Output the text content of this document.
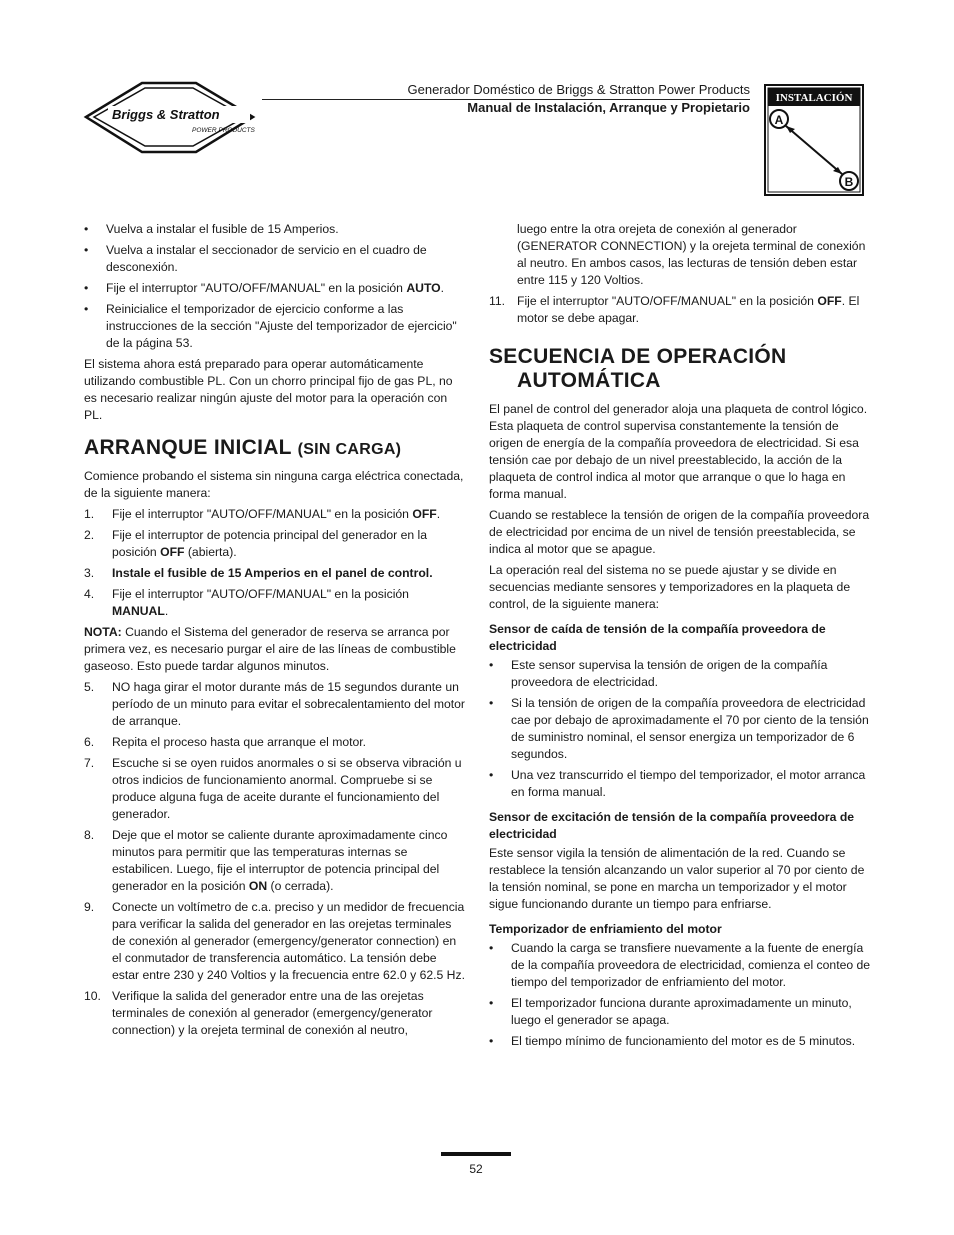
Briggs & Stratton
POWER PRODUCTS
Generador Doméstico de Briggs & Stratton Power Products
Manual de Instalación, Arranque y Propietario
INSTALACIÓN
A
B
• Vuelva a instalar el fusible de 15 Amperios.
• Vuelva a instalar el seccionador de servicio en el cuadro de desconexión.
• Fije el interruptor "AUTO/OFF/MANUAL" en la posición AUTO.
• Reinicialice el temporizador de ejercicio conforme a las instrucciones de la sección "Ajuste del temporizador de ejercicio" de la página 53.

El sistema ahora está preparado para operar automáticamente utilizando combustible PL. Con un chorro principal fijo de gas PL, no es necesario realizar ningún ajuste del motor para la operación con PL.

ARRANQUE INICIAL (SIN CARGA)

Comience probando el sistema sin ninguna carga eléctrica conectada, de la siguiente manera:

1. Fije el interruptor "AUTO/OFF/MANUAL" en la posición OFF.
2. Fije el interruptor de potencia principal del generador en la posición OFF (abierta).
3. Instale el fusible de 15 Amperios en el panel de control.
4. Fije el interruptor "AUTO/OFF/MANUAL" en la posición MANUAL.

NOTA: Cuando el Sistema del generador de reserva se arranca por primera vez, es necesario purgar el aire de las líneas de combustible gaseoso. Esto puede tardar algunos minutos.

5. NO haga girar el motor durante más de 15 segundos durante un período de un minuto para evitar el sobrecalentamiento del motor de arranque.
6. Repita el proceso hasta que arranque el motor.
7. Escuche si se oyen ruidos anormales o si se observa vibración u otros indicios de funcionamiento anormal. Compruebe si se produce alguna fuga de aceite durante el funcionamiento del generador.
8. Deje que el motor se caliente durante aproximadamente cinco minutos para permitir que las temperaturas internas se estabilicen. Luego, fije el interruptor de potencia principal del generador en la posición ON (o cerrada).
9. Conecte un voltímetro de c.a. preciso y un medidor de frecuencia para verificar la salida del generador en las orejetas terminales de conexión al generador (emergency/generator connection) en el conmutador de transferencia automático. La tensión debe estar entre 230 y 240 Voltios y la frecuencia entre 62.0 y 62.5 Hz.
10. Verifique la salida del generador entre una de las orejetas terminales de conexión al generador (emergency/generator connection) y la orejeta terminal de conexión al neutro,

luego entre la otra orejeta de conexión al generador (GENERATOR CONNECTION) y la orejeta terminal de conexión al neutro. En ambos casos, las lecturas de tensión deben estar entre 115 y 120 Voltios.

11. Fije el interruptor "AUTO/OFF/MANUAL" en la posición OFF. El motor se debe apagar.
SECUENCIA DE OPERACIÓN AUTOMÁTICA

El panel de control del generador aloja una plaqueta de control lógico. Esta plaqueta de control supervisa constantemente la tensión de origen de energía de la compañía proveedora de electricidad. Si esa tensión cae por debajo de un nivel preestablecido, la acción de la plaqueta de control indica al motor que arranque o que lo haga en forma manual.

Cuando se restablece la tensión de origen de la compañía proveedora de electricidad por encima de un nivel de tensión preestablecida, se indica al motor que se apague.

La operación real del sistema no se puede ajustar y se divide en secuencias mediante sensores y temporizadores en la plaqueta de control, de la siguiente manera:

Sensor de caída de tensión de la compañía proveedora de electricidad
• Este sensor supervisa la tensión de origen de la compañía proveedora de electricidad.
• Si la tensión de origen de la compañía proveedora de electricidad cae por debajo de aproximadamente el 70 por ciento de la tensión de suministro nominal, el sensor energiza un temporizador de 6 segundos.
• Una vez transcurrido el tiempo del temporizador, el motor arranca en forma manual.
Sensor de excitación de tensión de la compañía proveedora de electricidad

Este sensor vigila la tensión de alimentación de la red. Cuando se restablece la tensión alcanzando un valor superior al 70 por ciento de la tensión nominal, se pone en marcha un temporizador y el motor sigue funcionando durante un tiempo para enfriarse.

Temporizador de enfriamiento del motor
• Cuando la carga se transfiere nuevamente a la fuente de energía de la compañía proveedora de electricidad, comienza el conteo de tiempo del temporizador de enfriamiento del motor.
• El temporizador funciona durante aproximadamente un minuto, luego el generador se apaga.
• El tiempo mínimo de funcionamiento del motor es de 5 minutos.
52
